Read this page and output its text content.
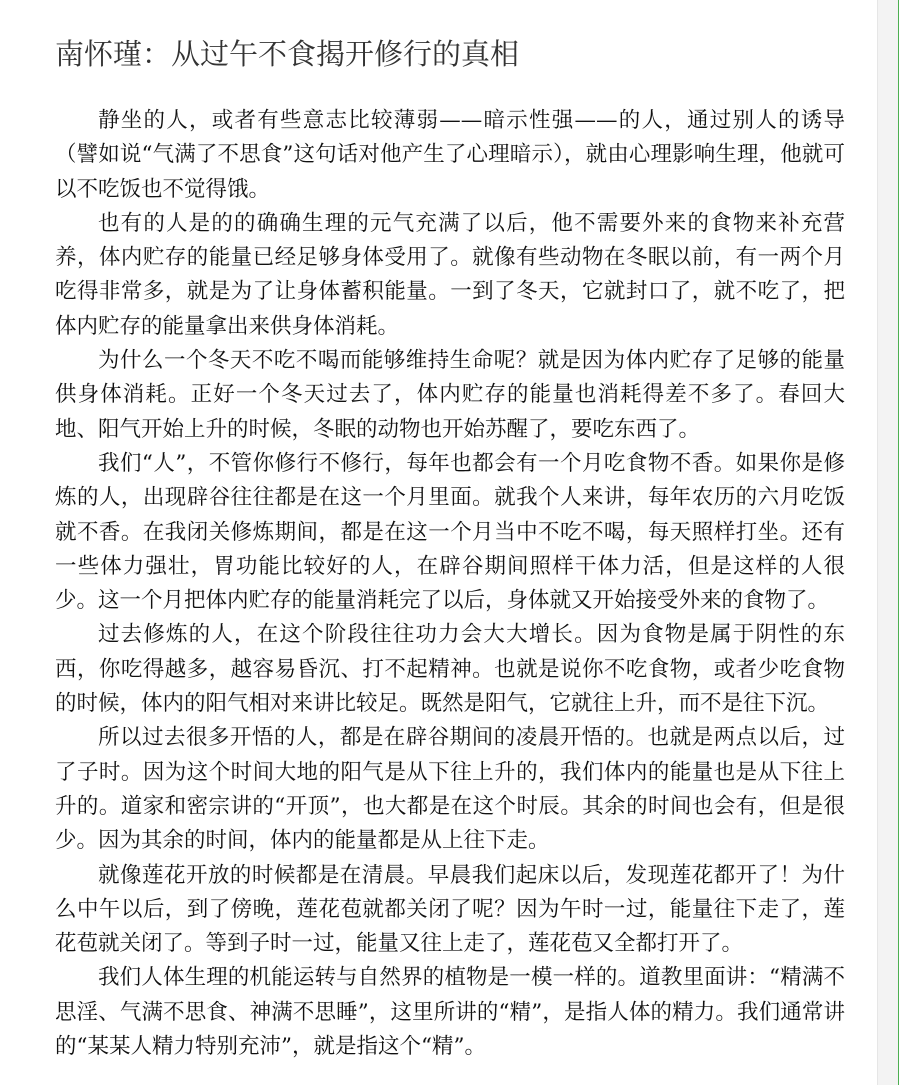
南怀瑾：从过午不食揭开修行的真相

静坐的人，或者有些意志比较薄弱——暗示性强——的人，通过别人的诱导（譬如说“气满了不思食”这句话对他产生了心理暗示），就由心理影响生理，他就可以不吃饭也不觉得饿。

也有的人是的的确确生理的元气充满了以后，他不需要外来的食物来补充营养，体内贮存的能量已经足够身体受用了。就像有些动物在冬眠以前，有一两个月吃得非常多，就是为了让身体蓄积能量。一到了冬天，它就封口了，就不吃了，把体内贮存的能量拿出来供身体消耗。

为什么一个冬天不吃不喝而能够维持生命呢？就是因为体内贮存了足够的能量供身体消耗。正好一个冬天过去了，体内贮存的能量也消耗得差不多了。春回大地、阳气开始上升的时候，冬眠的动物也开始苏醒了，要吃东西了。

我们“人”，不管你修行不修行，每年也都会有一个月吃食物不香。如果你是修炼的人，出现辟谷往往都是在这一个月里面。就我个人来讲，每年农历的六月吃饭就不香。在我闭关修炼期间，都是在这一个月当中不吃不喝，每天照样打坐。还有一些体力强壮，胃功能比较好的人，在辟谷期间照样干体力活，但是这样的人很少。这一个月把体内贮存的能量消耗完了以后，身体就又开始接受外来的食物了。

过去修炼的人，在这个阶段往往功力会大大增长。因为食物是属于阴性的东西，你吃得越多，越容易昏沉、打不起精神。也就是说你不吃食物，或者少吃食物的时候，体内的阳气相对来讲比较足。既然是阳气，它就往上升，而不是往下沉。

所以过去很多开悟的人，都是在辟谷期间的凌晨开悟的。也就是两点以后，过了子时。因为这个时间大地的阳气是从下往上升的，我们体内的能量也是从下往上升的。道家和密宗讲的“开顶”，也大都是在这个时辰。其余的时间也会有，但是很少。因为其余的时间，体内的能量都是从上往下走。

就像莲花开放的时候都是在清晨。早晨我们起床以后，发现莲花都开了！为什么中午以后，到了傍晚，莲花苞就都关闭了呢？因为午时一过，能量往下走了，莲花苞就关闭了。等到子时一过，能量又往上走了，莲花苞又全都打开了。

我们人体生理的机能运转与自然界的植物是一模一样的。道教里面讲：“精满不思淫、气满不思食、神满不思睡”，这里所讲的“精”，是指人体的精力。我们通常讲的“某某人精力特别充沛”，就是指这个“精”。
